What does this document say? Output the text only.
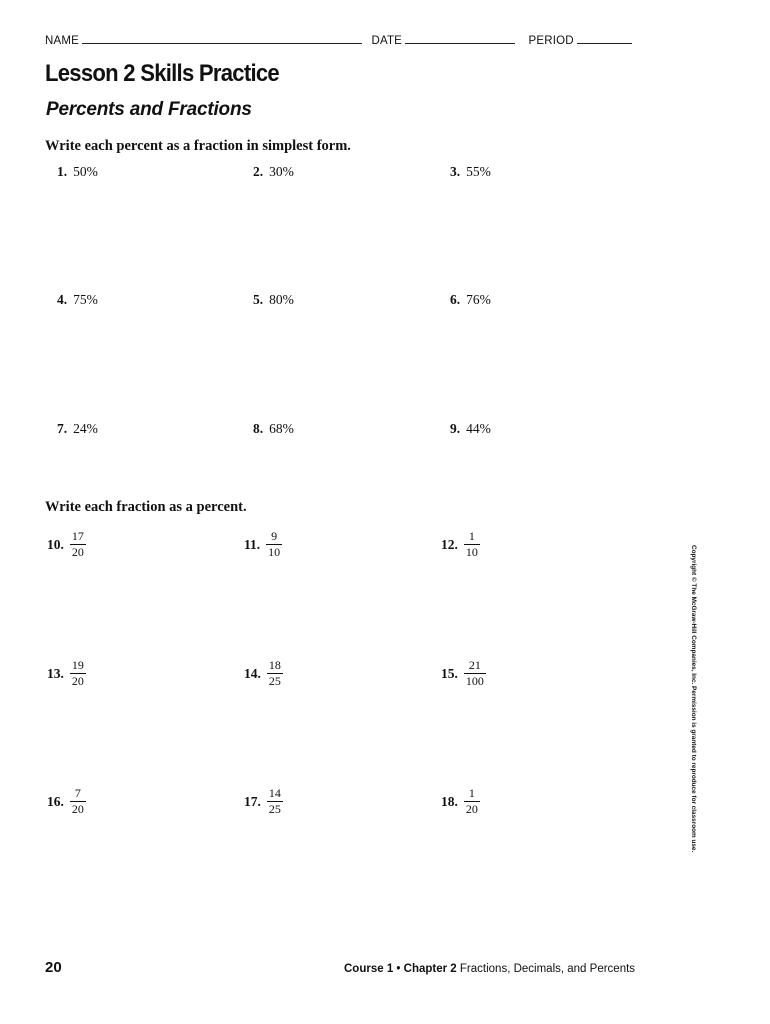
NAME	DATE	PERIOD
Lesson 2 Skills Practice
Percents and Fractions
Write each percent as a fraction in simplest form.
1. 50%	2. 30%	3. 55%
4. 75%	5. 80%	6. 76%
7. 24%	8. 68%	9. 44%
Write each fraction as a percent.
10. $\frac{17}{20}$	11. $\frac{9}{10}$	12. $\frac{1}{10}$
13. $\frac{19}{20}$	14. $\frac{18}{25}$	15. $\frac{21}{100}$
16. $\frac{7}{20}$	17. $\frac{14}{25}$	18. $\frac{1}{20}$	Copyright © The McGraw-Hill Companies, Inc. Permission is granted to reproduce for classroom use.
20	Course 1 • Chapter 2 Fractions, Decimals, and Percents
